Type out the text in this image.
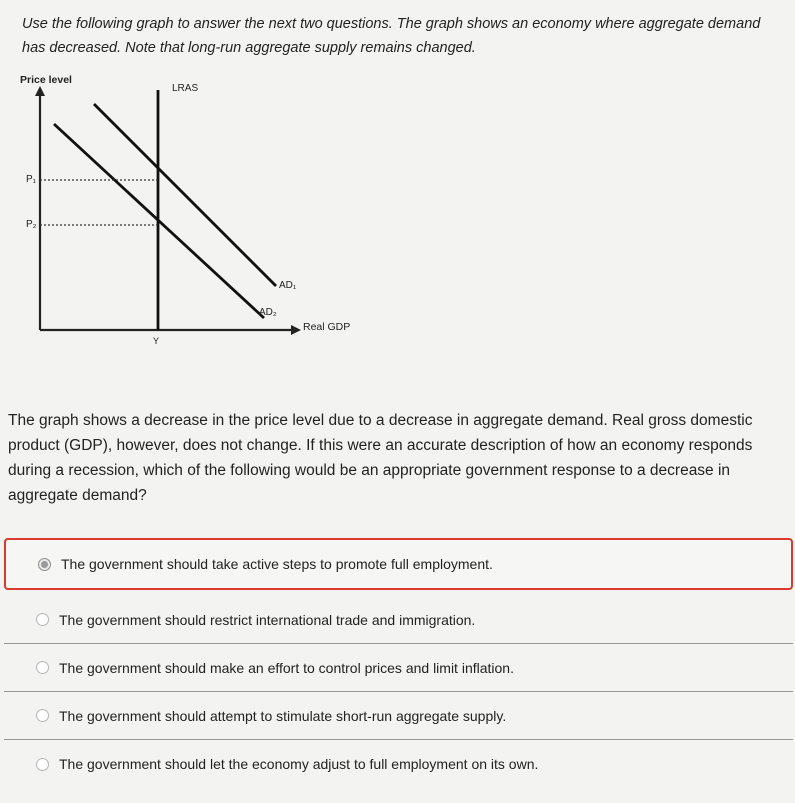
Use the following graph to answer the next two questions. The graph shows an economy where aggregate demand has decreased. Note that long-run aggregate supply remains changed.
Price level
LRAS
P₁
P₂
AD₁
AD₂
Real GDP
Y
The graph shows a decrease in the price level due to a decrease in aggregate demand. Real gross domestic product (GDP), however, does not change. If this were an accurate description of how an economy responds during a recession, which of the following would be an appropriate government response to a decrease in aggregate demand?
The government should take active steps to promote full employment.
The government should restrict international trade and immigration.
The government should make an effort to control prices and limit inflation.
The government should attempt to stimulate short-run aggregate supply.
The government should let the economy adjust to full employment on its own.
